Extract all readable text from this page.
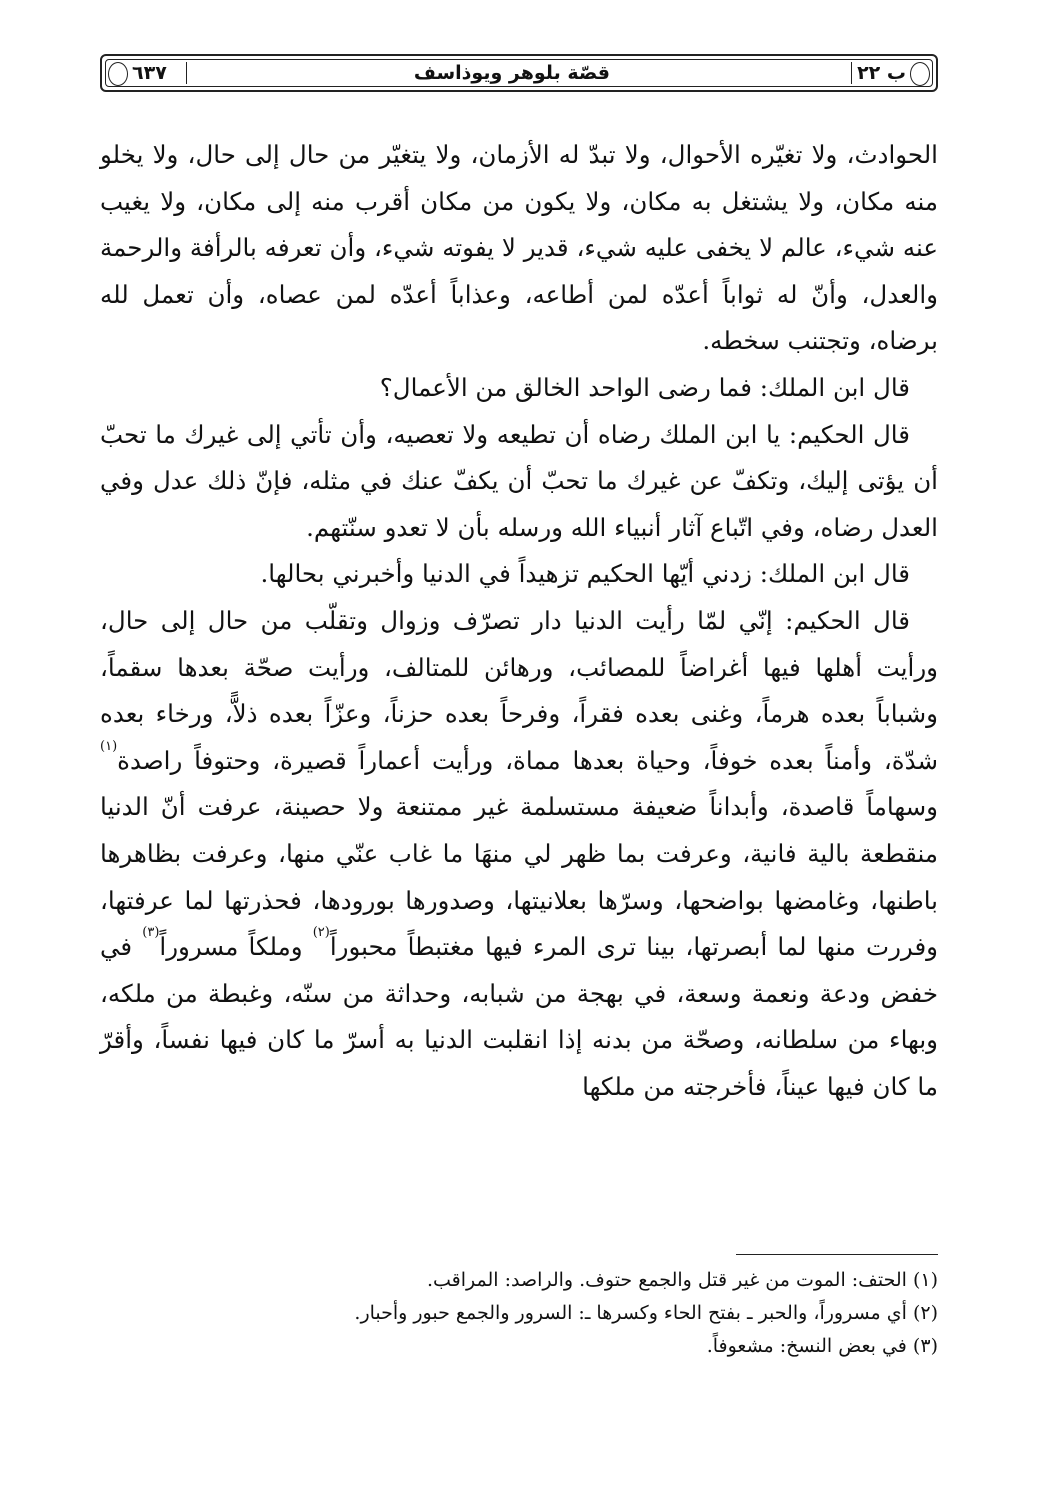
ب ٢٢
قصّة بلوهر ويوذاسف
٦٣٧

الحوادث، ولا تغيّره الأحوال، ولا تبدّ له الأزمان، ولا يتغيّر من حال إلى حال، ولا يخلو منه مكان، ولا يشتغل به مكان، ولا يكون من مكان أقرب منه إلى مكان، ولا يغيب عنه شيء، عالم لا يخفى عليه شيء، قدير لا يفوته شيء، وأن تعرفه بالرأفة والرحمة والعدل، وأنّ له ثواباً أعدّه لمن أطاعه، وعذاباً أعدّه لمن عصاه، وأن تعمل لله برضاه، وتجتنب سخطه.

قال ابن الملك: فما رضى الواحد الخالق من الأعمال؟

قال الحكيم: يا ابن الملك رضاه أن تطيعه ولا تعصيه، وأن تأتي إلى غيرك ما تحبّ أن يؤتى إليك، وتكفّ عن غيرك ما تحبّ أن يكفّ عنك في مثله، فإنّ ذلك عدل وفي العدل رضاه، وفي اتّباع آثار أنبياء الله ورسله بأن لا تعدو سنّتهم.

قال ابن الملك: زدني أيّها الحكيم تزهيداً في الدنيا وأخبرني بحالها.

قال الحكيم: إنّي لمّا رأيت الدنيا دار تصرّف وزوال وتقلّب من حال إلى حال، ورأيت أهلها فيها أغراضاً للمصائب، ورهائن للمتالف، ورأيت صحّة بعدها سقماً، وشباباً بعده هرماً، وغنى بعده فقراً، وفرحاً بعده حزناً، وعزّاً بعده ذلاًّ، ورخاء بعده شدّة، وأمناً بعده خوفاً، وحياة بعدها مماة، ورأيت أعماراً قصيرة، وحتوفاً راصدة$^{(١)}$ وسهاماً قاصدة، وأبداناً ضعيفة مستسلمة غير ممتنعة ولا حصينة، عرفت أنّ الدنيا منقطعة بالية فانية، وعرفت بما ظهر لي منهَا ما غاب عنّي منها، وعرفت بظاهرها باطنها، وغامضها بواضحها، وسرّها بعلانيتها، وصدورها بورودها، فحذرتها لما عرفتها، وفررت منها لما أبصرتها، بينا ترى المرء فيها مغتبطاً محبوراً$^{(٢)}$ وملكاً مسروراً$^{(٣)}$ في خفض ودعة ونعمة وسعة، في بهجة من شبابه، وحداثة من سنّه، وغبطة من ملكه، وبهاء من سلطانه، وصحّة من بدنه إذا انقلبت الدنيا به أسرّ ما كان فيها نفساً، وأقرّ ما كان فيها عيناً، فأخرجته من ملكها

(١) الحتف: الموت من غير قتل والجمع حتوف. والراصد: المراقب.

(٢) أي مسروراً، والحبر ـ بفتح الحاء وكسرها ـ: السرور والجمع حبور وأحبار.

(٣) في بعض النسخ: مشعوفاً.
